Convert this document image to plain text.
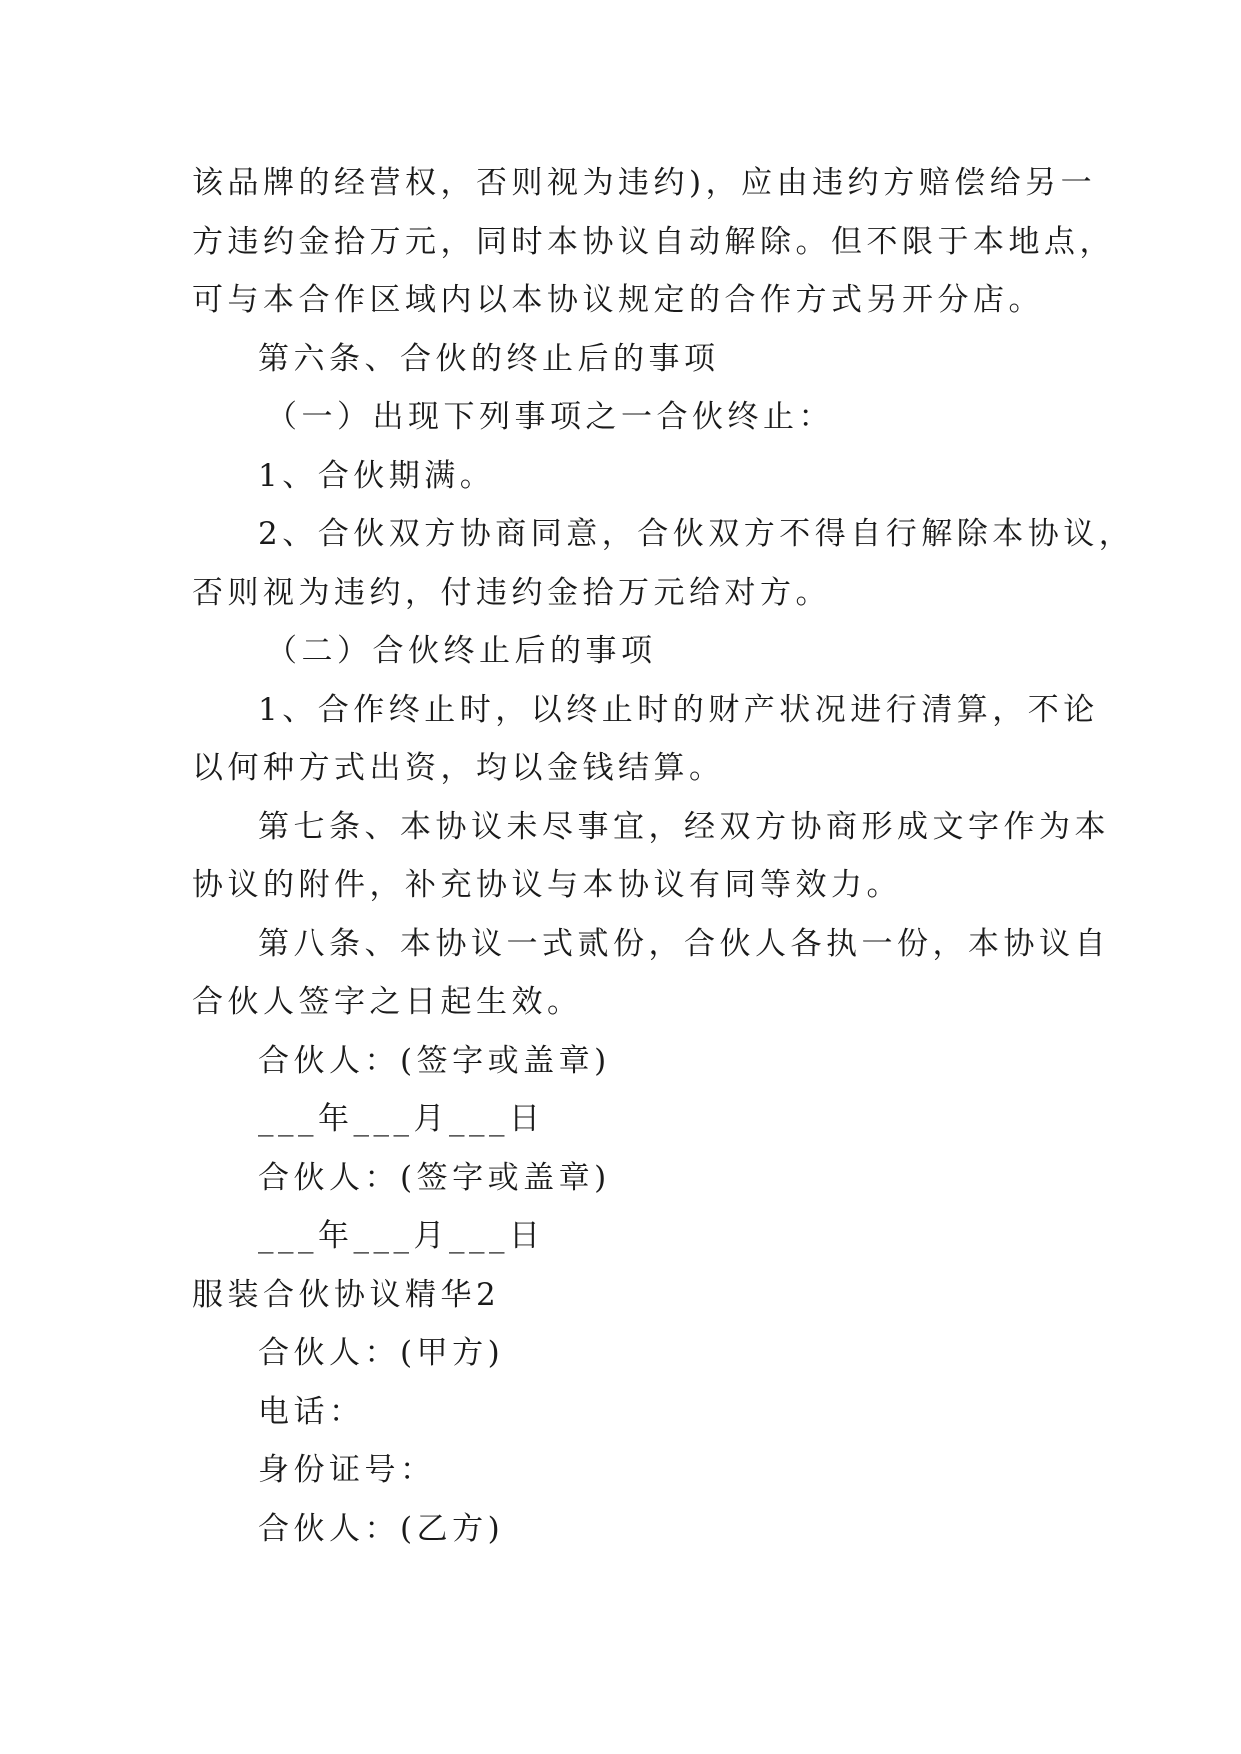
该品牌的经营权，否则视为违约)，应由违约方赔偿给另一
方违约金拾万元，同时本协议自动解除。但不限于本地点，
可与本合作区域内以本协议规定的合作方式另开分店。
第六条、合伙的终止后的事项
（一）出现下列事项之一合伙终止：
1、合伙期满。
2、合伙双方协商同意，合伙双方不得自行解除本协议，
否则视为违约，付违约金拾万元给对方。
（二）合伙终止后的事项
1、合作终止时，以终止时的财产状况进行清算，不论
以何种方式出资，均以金钱结算。
第七条、本协议未尽事宜，经双方协商形成文字作为本
协议的附件，补充协议与本协议有同等效力。
第八条、本协议一式贰份，合伙人各执一份，本协议自
合伙人签字之日起生效。
合伙人：(签字或盖章)
___年___月___日
合伙人：(签字或盖章)
___年___月___日
服装合伙协议精华2
合伙人：(甲方)
电话：
身份证号：
合伙人：(乙方)
